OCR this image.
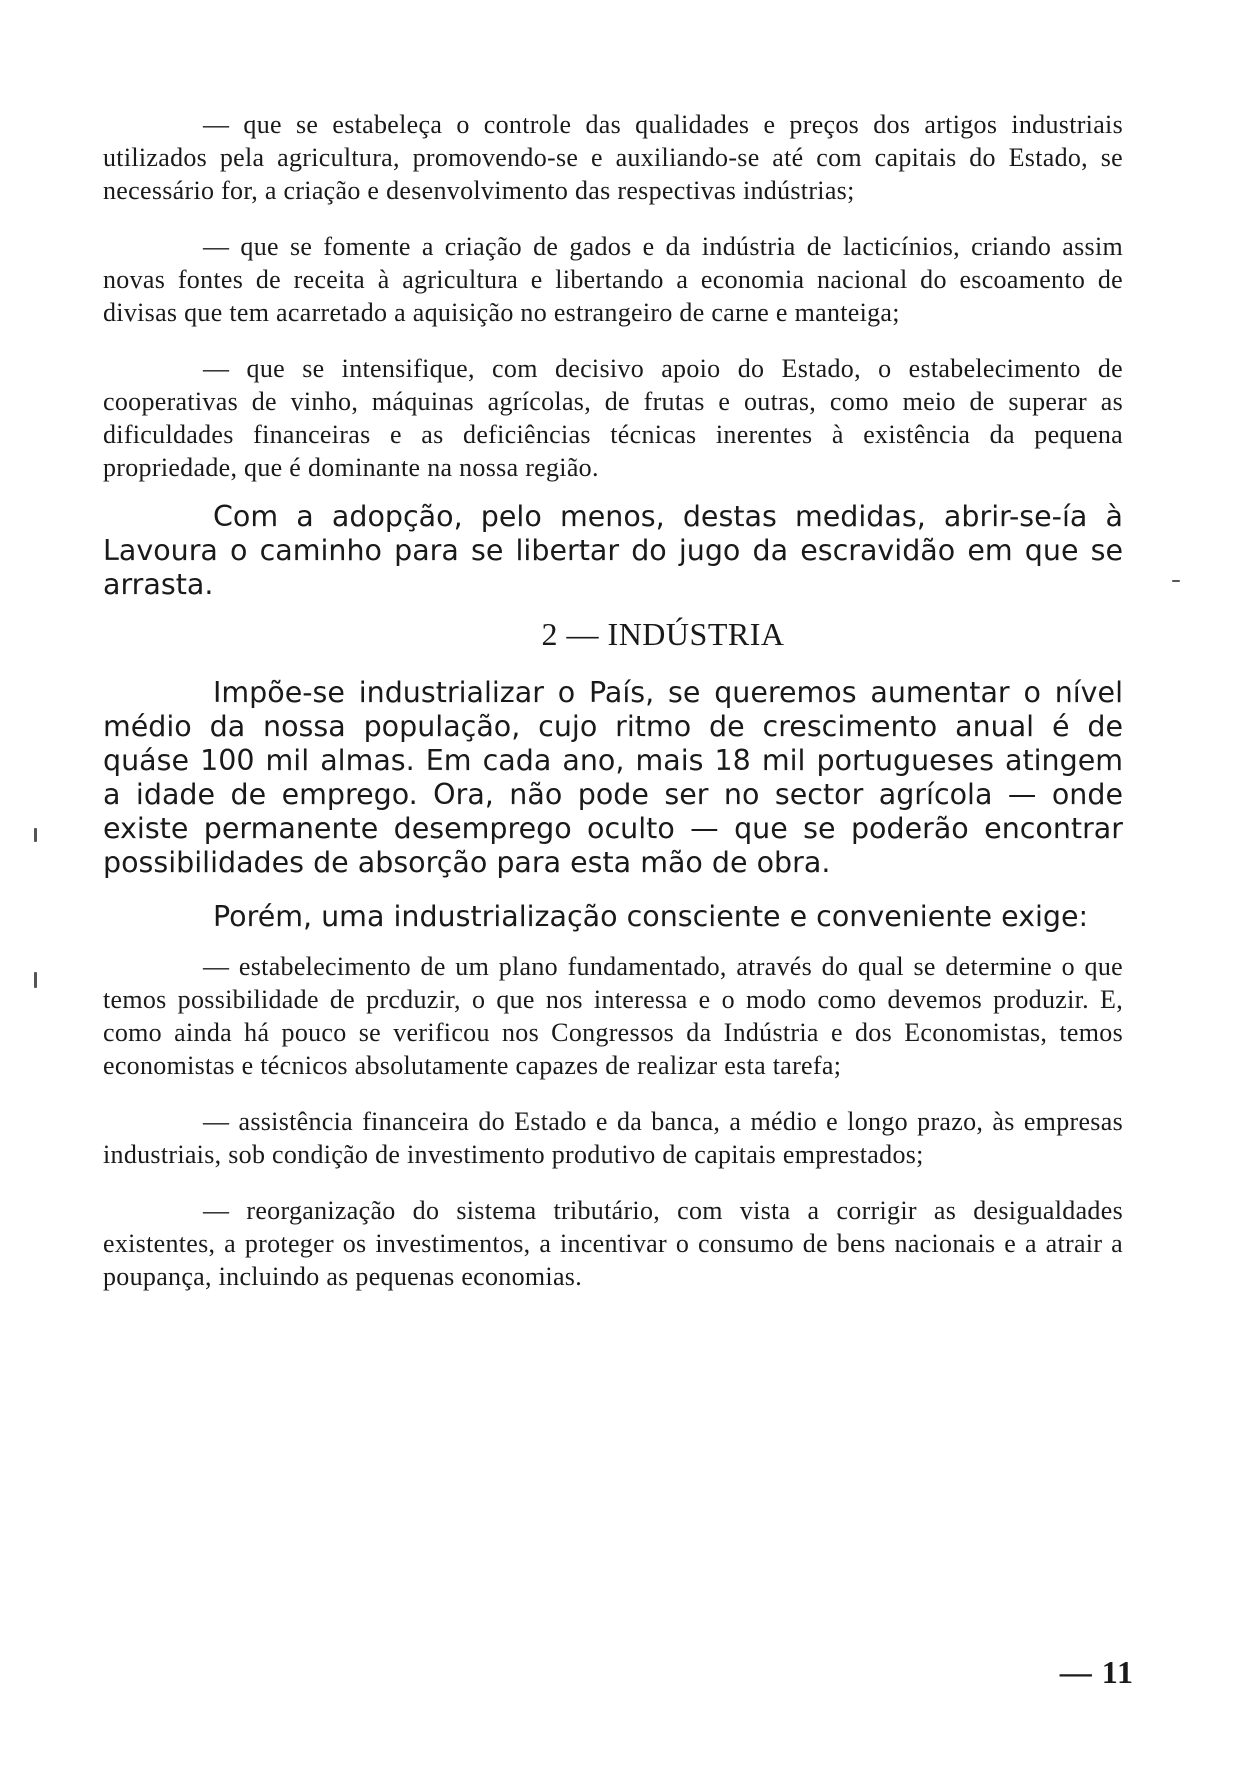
— que se estabeleça o controle das qualidades e preços dos artigos industriais utilizados pela agricultura, promovendo-se e auxiliando-se até com capitais do Estado, se necessário for, a criação e desenvolvimento das respectivas indústrias;

— que se fomente a criação de gados e da indústria de lacticínios, criando assim novas fontes de receita à agricultura e libertando a economia nacional do escoamento de divisas que tem acarretado a aquisição no estrangeiro de carne e manteiga;

— que se intensifique, com decisivo apoio do Estado, o estabelecimento de cooperativas de vinho, máquinas agrícolas, de frutas e outras, como meio de superar as dificuldades financeiras e as deficiências técnicas inerentes à existência da pequena propriedade, que é dominante na nossa região.

Com a adopção, pelo menos, destas medidas, abrir-se-ía à Lavoura o caminho para se libertar do jugo da escravidão em que se arrasta.

2 — INDÚSTRIA

Impõe-se industrializar o País, se queremos aumentar o nível médio da nossa população, cujo ritmo de crescimento anual é de quáse 100 mil almas. Em cada ano, mais 18 mil portugueses atingem a idade de emprego. Ora, não pode ser no sector agrícola — onde existe permanente desemprego oculto — que se poderão encontrar possibilidades de absorção para esta mão de obra.

Porém, uma industrialização consciente e conveniente exige:

— estabelecimento de um plano fundamentado, através do qual se determine o que temos possibilidade de prcduzir, o que nos interessa e o modo como devemos produzir. E, como ainda há pouco se verificou nos Congressos da Indústria e dos Economistas, temos economistas e técnicos absolutamente capazes de realizar esta tarefa;

— assistência financeira do Estado e da banca, a médio e longo prazo, às empresas industriais, sob condição de investimento produtivo de capitais emprestados;

— reorganização do sistema tributário, com vista a corrigir as desigualdades existentes, a proteger os investimentos, a incentivar o consumo de bens nacionais e a atrair a poupança, incluindo as pequenas economias.

— 11
